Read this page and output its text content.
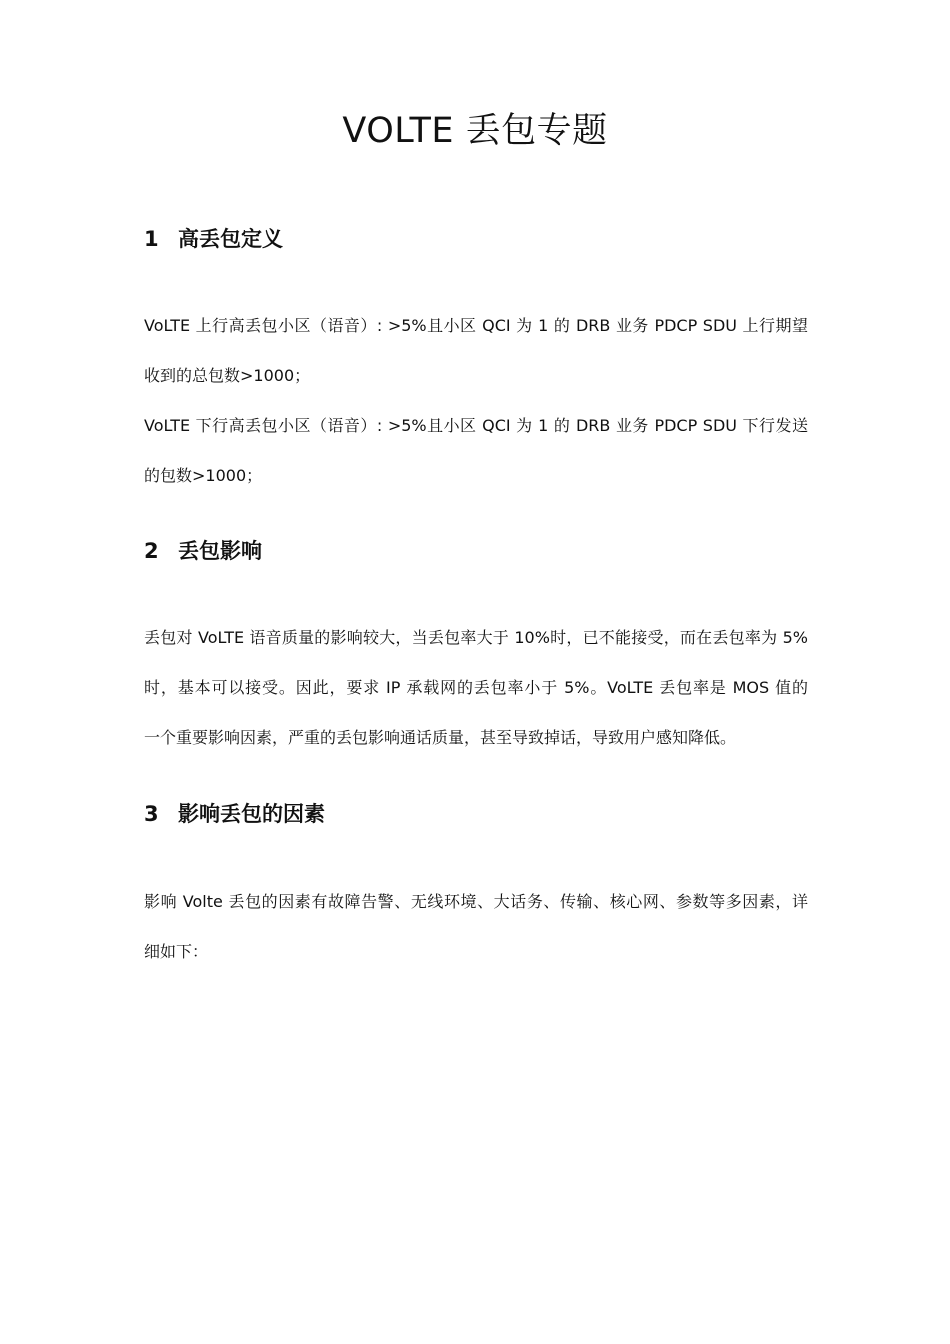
VOLTE 丢包专题
1 高丢包定义

VoLTE 上行高丢包小区（语音）: >5%且小区 QCI 为 1 的 DRB 业务 PDCP SDU 上行期望
收到的总包数>1000；

VoLTE 下行高丢包小区（语音）: >5%且小区 QCI 为 1 的 DRB 业务 PDCP SDU 下行发送
的包数>1000；

2 丢包影响

丢包对 VoLTE 语音质量的影响较大，当丢包率大于 10%时，已不能接受，而在丢包率为 5%
时，基本可以接受。因此，要求 IP 承载网的丢包率小于 5%。VoLTE 丢包率是 MOS 值的
一个重要影响因素，严重的丢包影响通话质量，甚至导致掉话，导致用户感知降低。

3 影响丢包的因素

影响 Volte 丢包的因素有故障告警、无线环境、大话务、传输、核心网、参数等多因素，详
细如下：
